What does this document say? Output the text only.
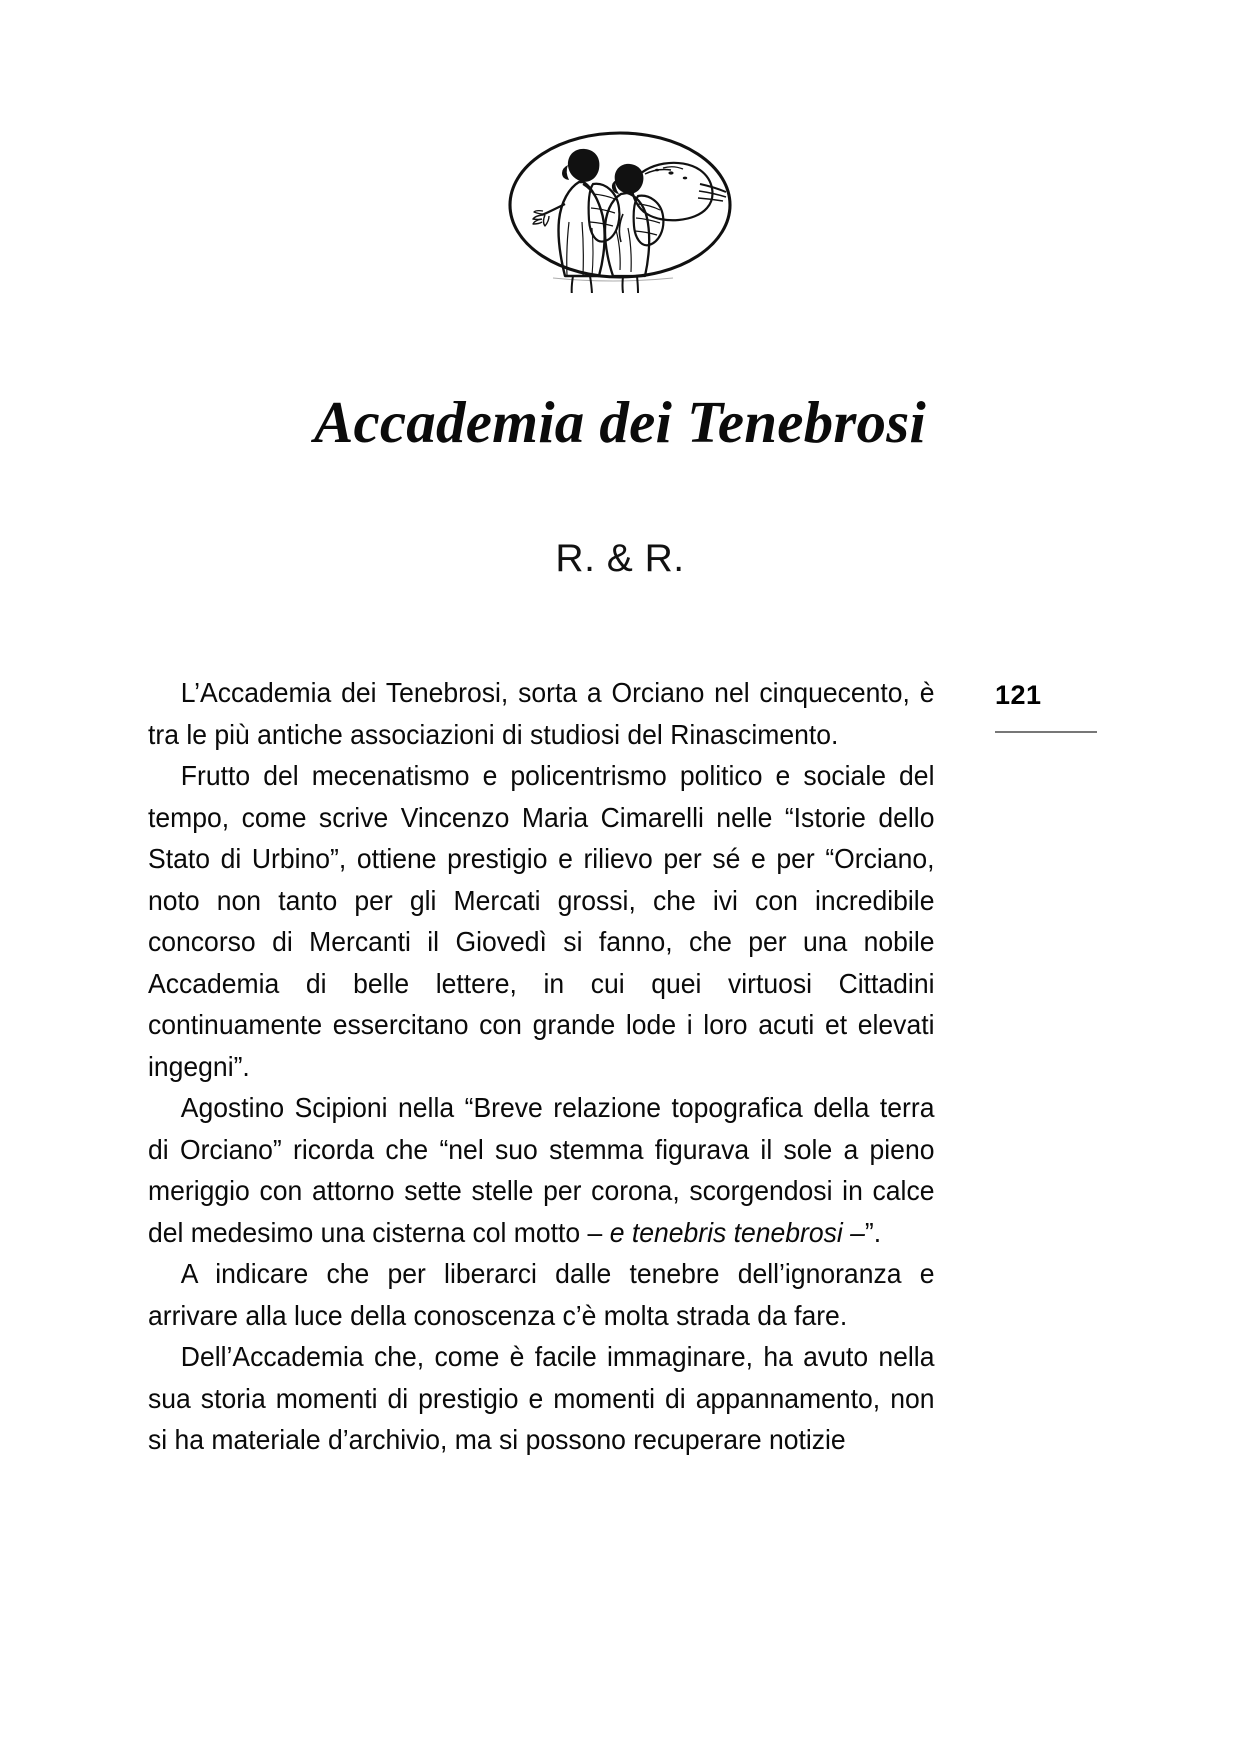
Accademia dei Tenebrosi
R. & R.
121

L’Accademia dei Tenebrosi, sorta a Orciano nel cinquecento, è tra le più antiche associazioni di studiosi del Rinascimento.

Frutto del mecenatismo e policentrismo politico e sociale del tempo, come scrive Vincenzo Maria Cimarelli nelle “Istorie dello Stato di Urbino”, ottiene prestigio e rilievo per sé e per “Orciano, noto non tanto per gli Mercati grossi, che ivi con incredibile concorso di Mercanti il Giovedì si fanno, che per una nobile Accademia di belle lettere, in cui quei virtuosi Cittadini continuamente essercitano con grande lode i loro acuti et elevati ingegni”.

Agostino Scipioni nella “Breve relazione topografica della terra di Orciano” ricorda che “nel suo stemma figurava il sole a pieno meriggio con attorno sette stelle per corona, scorgendosi in calce del medesimo una cisterna col motto – e tenebris tenebrosi –”.

A indicare che per liberarci dalle tenebre dell’ignoranza e arrivare alla luce della conoscenza c’è molta strada da fare.

Dell’Accademia che, come è facile immaginare, ha avuto nella sua storia momenti di prestigio e momenti di appannamento, non si ha materiale d’archivio, ma si possono recuperare notizie
